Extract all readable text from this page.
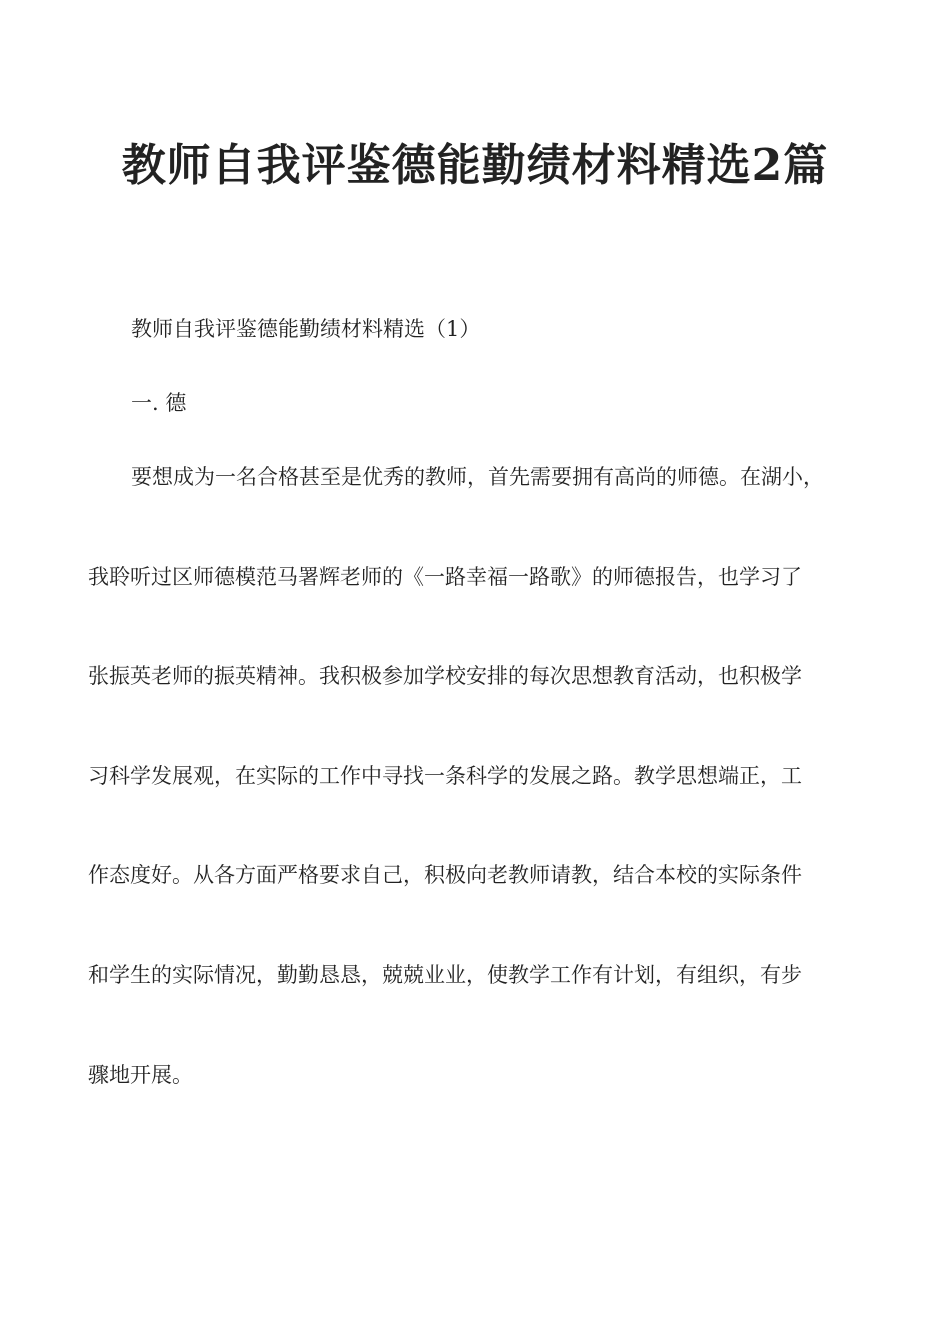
教师自我评鉴德能勤绩材料精选2篇

教师自我评鉴德能勤绩材料精选（1）

一. 德

要想成为一名合格甚至是优秀的教师，首先需要拥有高尚的师德。在湖小，

我聆听过区师德模范马署辉老师的《一路幸福一路歌》的师德报告，也学习了

张振英老师的振英精神。我积极参加学校安排的每次思想教育活动，也积极学

习科学发展观，在实际的工作中寻找一条科学的发展之路。教学思想端正，工

作态度好。从各方面严格要求自己，积极向老教师请教，结合本校的实际条件

和学生的实际情况，勤勤恳恳，兢兢业业，使教学工作有计划，有组织，有步

骤地开展。
